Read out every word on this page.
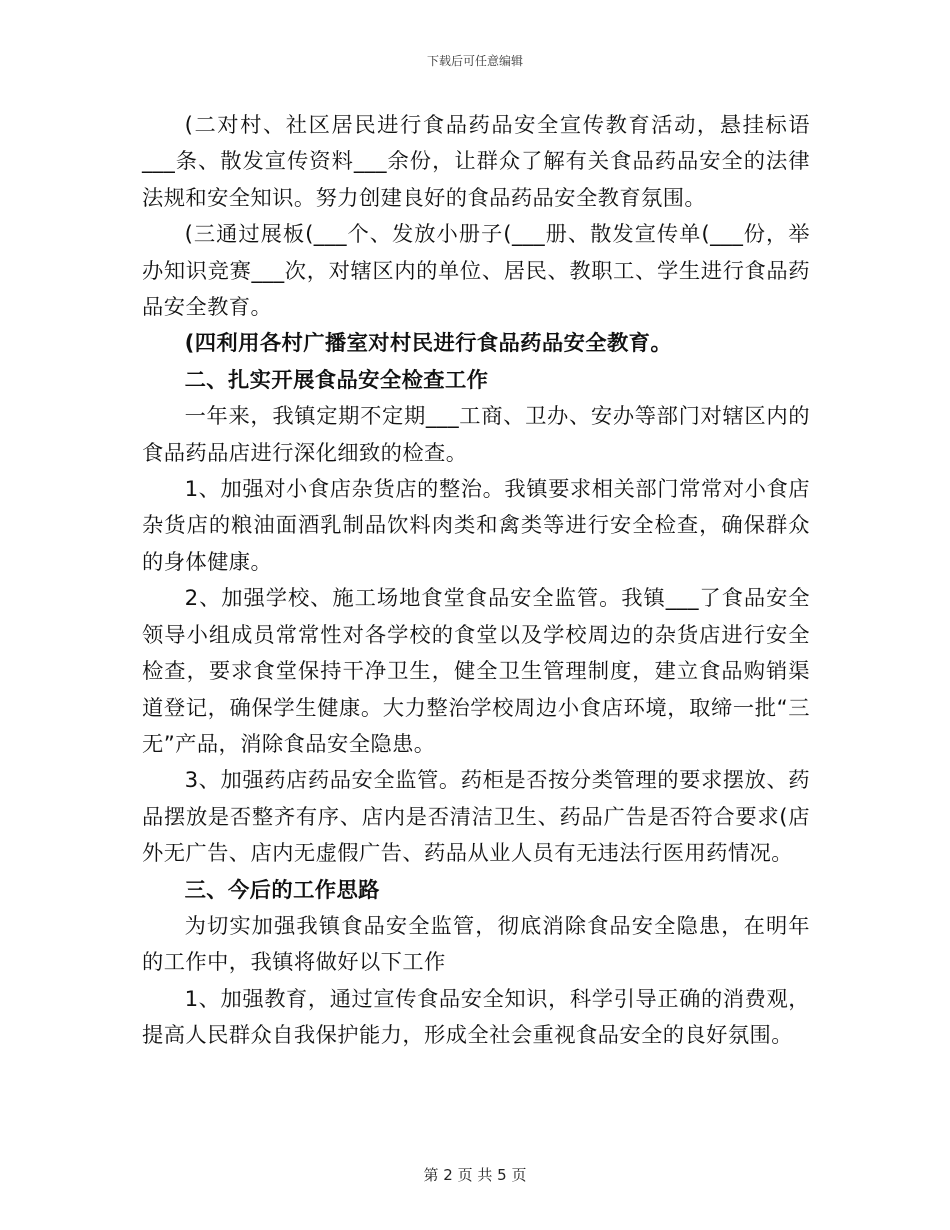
下载后可任意编辑

(二对村、社区居民进行食品药品安全宣传教育活动，悬挂标语___条、散发宣传资料___余份，让群众了解有关食品药品安全的法律法规和安全知识。努力创建良好的食品药品安全教育氛围。

(三通过展板(___个、发放小册子(___册、散发宣传单(___份，举办知识竞赛___次，对辖区内的单位、居民、教职工、学生进行食品药品安全教育。

(四利用各村广播室对村民进行食品药品安全教育。

二、扎实开展食品安全检查工作

一年来，我镇定期不定期___工商、卫办、安办等部门对辖区内的食品药品店进行深化细致的检查。

1、加强对小食店杂货店的整治。我镇要求相关部门常常对小食店杂货店的粮油面酒乳制品饮料肉类和禽类等进行安全检查，确保群众的身体健康。

2、加强学校、施工场地食堂食品安全监管。我镇___了食品安全领导小组成员常常性对各学校的食堂以及学校周边的杂货店进行安全检查，要求食堂保持干净卫生，健全卫生管理制度，建立食品购销渠道登记，确保学生健康。大力整治学校周边小食店环境，取缔一批“三无”产品，消除食品安全隐患。

3、加强药店药品安全监管。药柜是否按分类管理的要求摆放、药品摆放是否整齐有序、店内是否清洁卫生、药品广告是否符合要求(店外无广告、店内无虚假广告、药品从业人员有无违法行医用药情况。

三、今后的工作思路

为切实加强我镇食品安全监管，彻底消除食品安全隐患，在明年的工作中，我镇将做好以下工作

1、加强教育，通过宣传食品安全知识，科学引导正确的消费观，提高人民群众自我保护能力，形成全社会重视食品安全的良好氛围。

第 2 页 共 5 页
